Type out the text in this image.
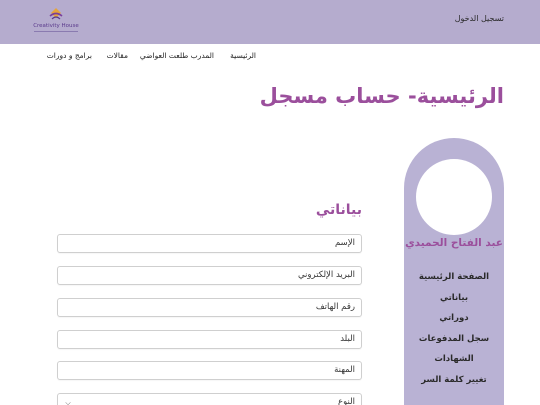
Creativity House
تسجيل الدخول
الرئيسية
المدرب طلعت العواضي
مقالات
برامج و دورات
الرئيسية- حساب مسجل
عبد الفتاح الحميدي
الصفحة الرئيسية
بياناتي
دوراتي
سجل المدفوعات
الشهادات
تغيير كلمة السر
بياناتي
الإسم
البريد الإلكتروني
رقم الهاتف
البلد
المهنة
النوع
⌵
